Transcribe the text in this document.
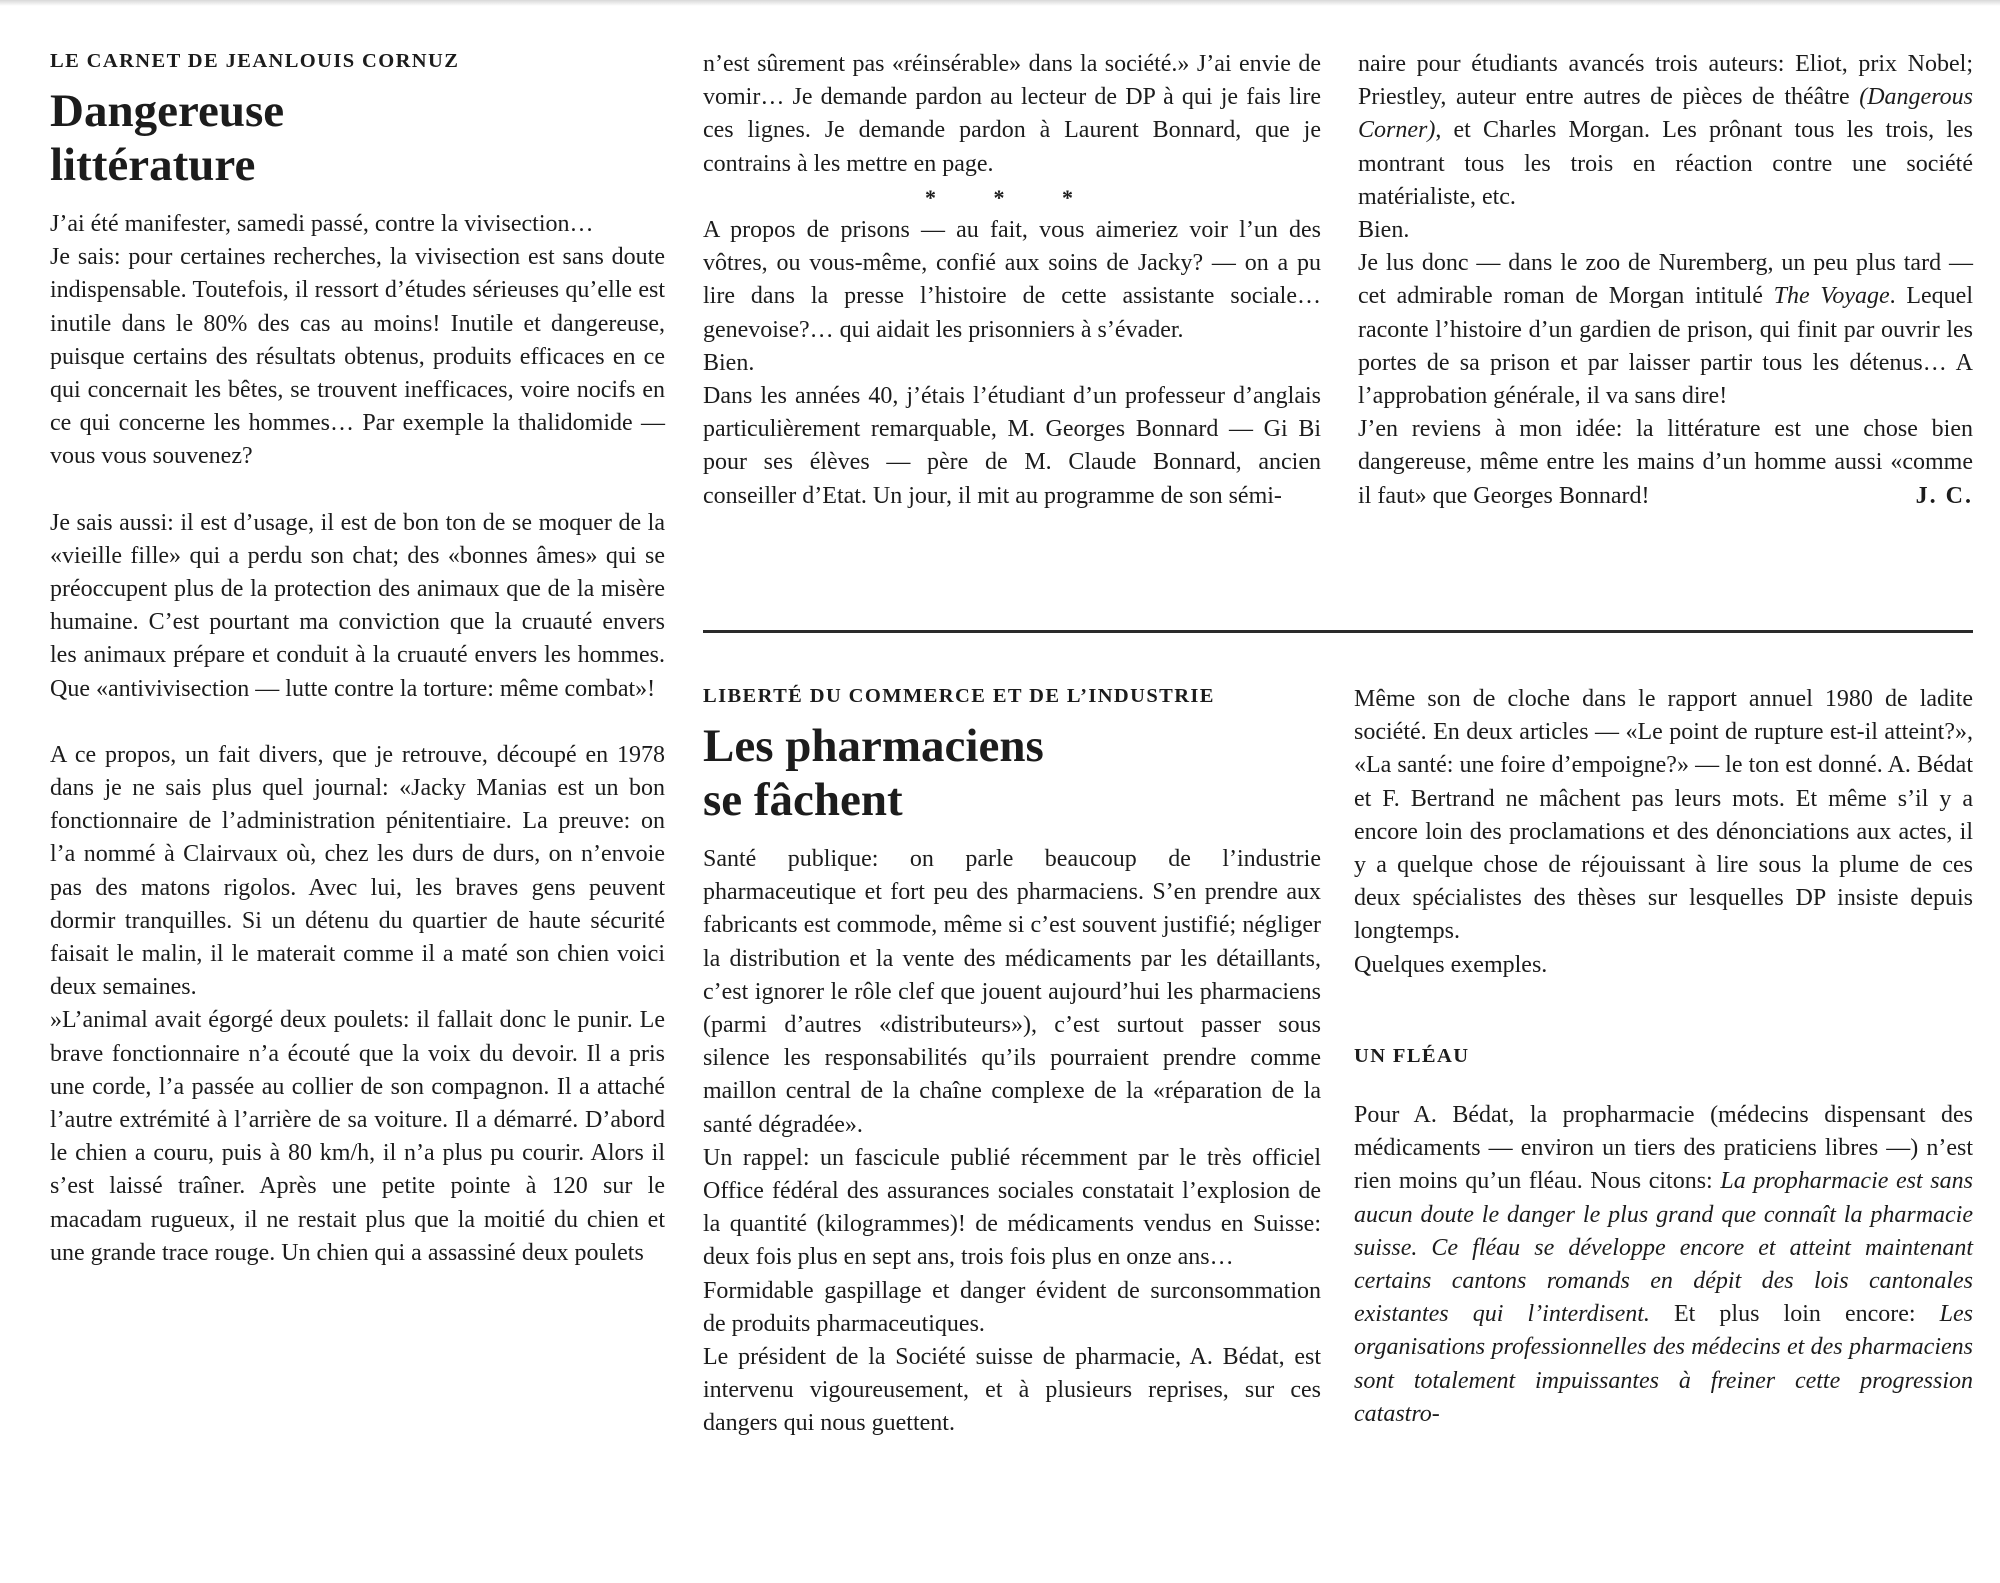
LE CARNET DE JEANLOUIS CORNUZ

Dangereuse
littérature

J’ai été manifester, samedi passé, contre la vivisection…

Je sais: pour certaines recherches, la vivisection est sans doute indispensable. Toutefois, il ressort d’études sérieuses qu’elle est inutile dans le 80% des cas au moins! Inutile et dangereuse, puisque certains des résultats obtenus, produits efficaces en ce qui concernait les bêtes, se trouvent inefficaces, voire nocifs en ce qui concerne les hommes… Par exemple la thalidomide — vous vous souvenez?

Je sais aussi: il est d’usage, il est de bon ton de se moquer de la «vieille fille» qui a perdu son chat; des «bonnes âmes» qui se préoccupent plus de la protection des animaux que de la misère humaine. C’est pourtant ma conviction que la cruauté envers les animaux prépare et conduit à la cruauté envers les hommes. Que «antivivisection — lutte contre la torture: même combat»!

A ce propos, un fait divers, que je retrouve, découpé en 1978 dans je ne sais plus quel journal: «Jacky Manias est un bon fonctionnaire de l’administration pénitentiaire. La preuve: on l’a nommé à Clairvaux où, chez les durs de durs, on n’envoie pas des matons rigolos. Avec lui, les braves gens peuvent dormir tranquilles. Si un détenu du quartier de haute sécurité faisait le malin, il le materait comme il a maté son chien voici deux semaines.

»L’animal avait égorgé deux poulets: il fallait donc le punir. Le brave fonctionnaire n’a écouté que la voix du devoir. Il a pris une corde, l’a passée au collier de son compagnon. Il a attaché l’autre extrémité à l’arrière de sa voiture. Il a démarré. D’abord le chien a couru, puis à 80 km/h, il n’a plus pu courir. Alors il s’est laissé traîner. Après une petite pointe à 120 sur le macadam rugueux, il ne restait plus que la moitié du chien et une grande trace rouge. Un chien qui a assassiné deux poulets

n’est sûrement pas «réinsérable» dans la société.» J’ai envie de vomir… Je demande pardon au lecteur de DP à qui je fais lire ces lignes. Je demande pardon à Laurent Bonnard, que je contrains à les mettre en page.

* * *

A propos de prisons — au fait, vous aimeriez voir l’un des vôtres, ou vous-même, confié aux soins de Jacky? — on a pu lire dans la presse l’histoire de cette assistante sociale… genevoise?… qui aidait les prisonniers à s’évader.

Bien.

Dans les années 40, j’étais l’étudiant d’un professeur d’anglais particulièrement remarquable, M. Georges Bonnard — Gi Bi pour ses élèves — père de M. Claude Bonnard, ancien conseiller d’Etat. Un jour, il mit au programme de son sémi-

naire pour étudiants avancés trois auteurs: Eliot, prix Nobel; Priestley, auteur entre autres de pièces de théâtre (Dangerous Corner), et Charles Morgan. Les prônant tous les trois, les montrant tous les trois en réaction contre une société matérialiste, etc.

Bien.

Je lus donc — dans le zoo de Nuremberg, un peu plus tard — cet admirable roman de Morgan intitulé The Voyage. Lequel raconte l’histoire d’un gardien de prison, qui finit par ouvrir les portes de sa prison et par laisser partir tous les détenus… A l’approbation générale, il va sans dire!

J’en reviens à mon idée: la littérature est une chose bien dangereuse, même entre les mains d’un homme aussi «comme il faut» que Georges Bonnard!	J. C.

LIBERTÉ DU COMMERCE ET DE L’INDUSTRIE

Les pharmaciens
se fâchent

Santé publique: on parle beaucoup de l’industrie pharmaceutique et fort peu des pharmaciens. S’en prendre aux fabricants est commode, même si c’est souvent justifié; négliger la distribution et la vente des médicaments par les détaillants, c’est ignorer le rôle clef que jouent aujourd’hui les pharmaciens (parmi d’autres «distributeurs»), c’est surtout passer sous silence les responsabilités qu’ils pourraient prendre comme maillon central de la chaîne complexe de la «réparation de la santé dégradée».

Un rappel: un fascicule publié récemment par le très officiel Office fédéral des assurances sociales constatait l’explosion de la quantité (kilogrammes)! de médicaments vendus en Suisse: deux fois plus en sept ans, trois fois plus en onze ans…

Formidable gaspillage et danger évident de surconsommation de produits pharmaceutiques.

Le président de la Société suisse de pharmacie, A. Bédat, est intervenu vigoureusement, et à plusieurs reprises, sur ces dangers qui nous guettent.

Même son de cloche dans le rapport annuel 1980 de ladite société. En deux articles — «Le point de rupture est-il atteint?», «La santé: une foire d’empoigne?» — le ton est donné. A. Bédat et F. Bertrand ne mâchent pas leurs mots. Et même s’il y a encore loin des proclamations et des dénonciations aux actes, il y a quelque chose de réjouissant à lire sous la plume de ces deux spécialistes des thèses sur lesquelles DP insiste depuis longtemps.

Quelques exemples.

UN FLÉAU

Pour A. Bédat, la propharmacie (médecins dispensant des médicaments — environ un tiers des praticiens libres —) n’est rien moins qu’un fléau. Nous citons: La propharmacie est sans aucun doute le danger le plus grand que connaît la pharmacie suisse. Ce fléau se développe encore et atteint maintenant certains cantons romands en dépit des lois cantonales existantes qui l’interdisent. Et plus loin encore: Les organisations professionnelles des médecins et des pharmaciens sont totalement impuissantes à freiner cette progression catastro-
